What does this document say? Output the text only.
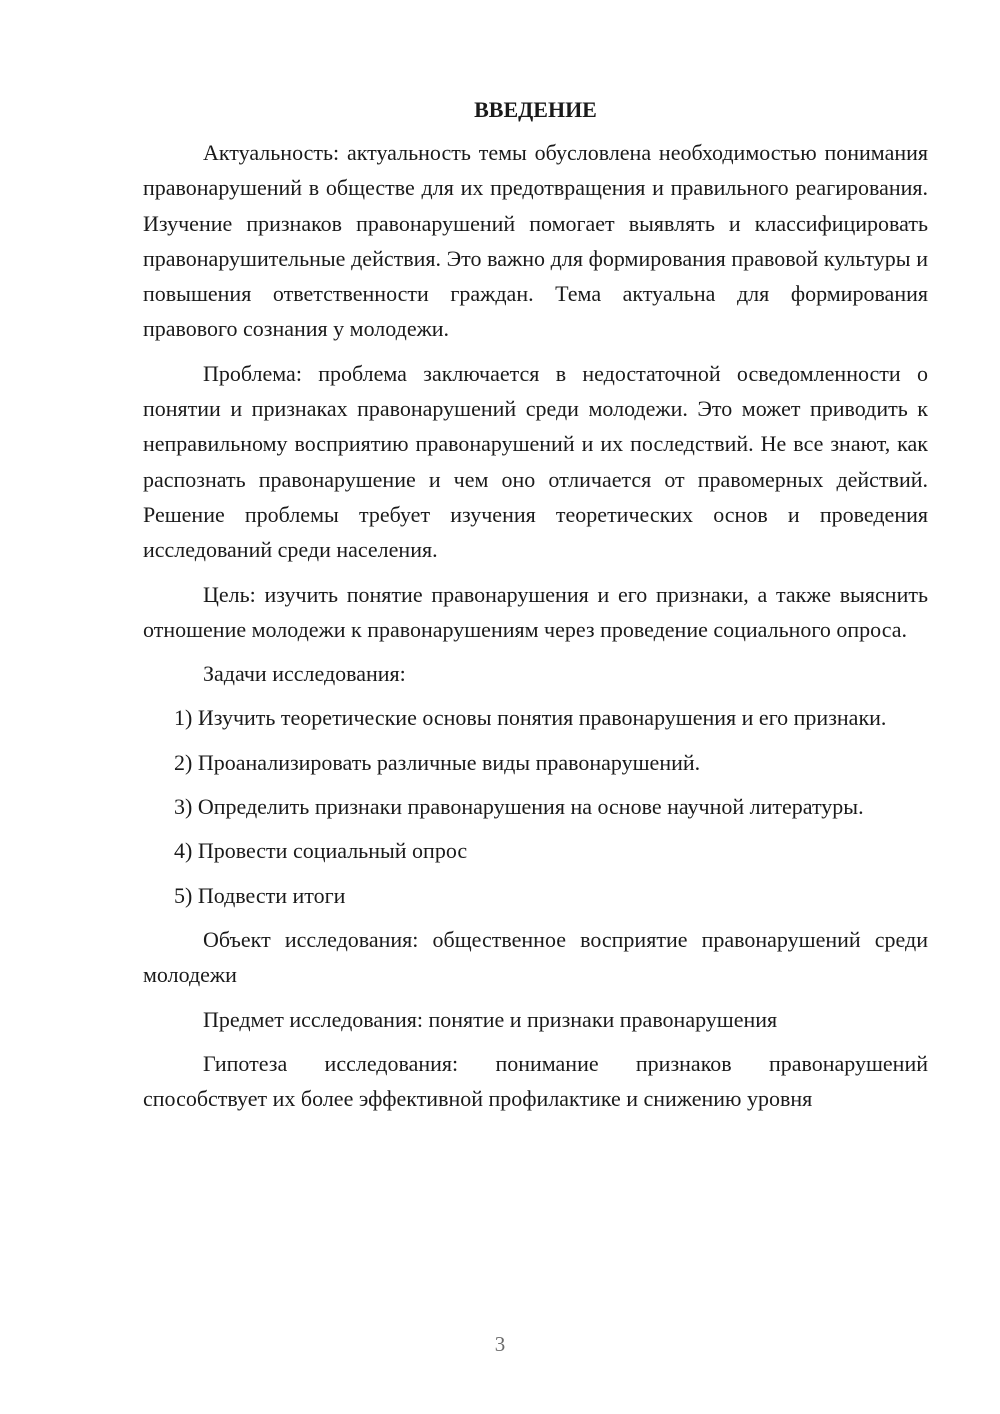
ВВЕДЕНИЕ

Актуальность: актуальность темы обусловлена необходимостью понимания правонарушений в обществе для их предотвращения и правильного реагирования. Изучение признаков правонарушений помогает выявлять и классифицировать правонарушительные действия. Это важно для формирования правовой культуры и повышения ответственности граждан. Тема актуальна для формирования правового сознания у молодежи.

Проблема: проблема заключается в недостаточной осведомленности о понятии и признаках правонарушений среди молодежи. Это может приводить к неправильному восприятию правонарушений и их последствий. Не все знают, как распознать правонарушение и чем оно отличается от правомерных действий. Решение проблемы требует изучения теоретических основ и проведения исследований среди населения.

Цель: изучить понятие правонарушения и его признаки, а также выяснить отношение молодежи к правонарушениям через проведение социального опроса.

Задачи исследования:

1) Изучить теоретические основы понятия правонарушения и его признаки.

2) Проанализировать различные виды правонарушений.

3) Определить признаки правонарушения на основе научной литературы.

4) Провести социальный опрос

5) Подвести итоги

Объект исследования: общественное восприятие правонарушений среди молодежи

Предмет исследования: понятие и признаки правонарушения

Гипотеза исследования: понимание признаков правонарушений способствует их более эффективной профилактике и снижению уровня

3
